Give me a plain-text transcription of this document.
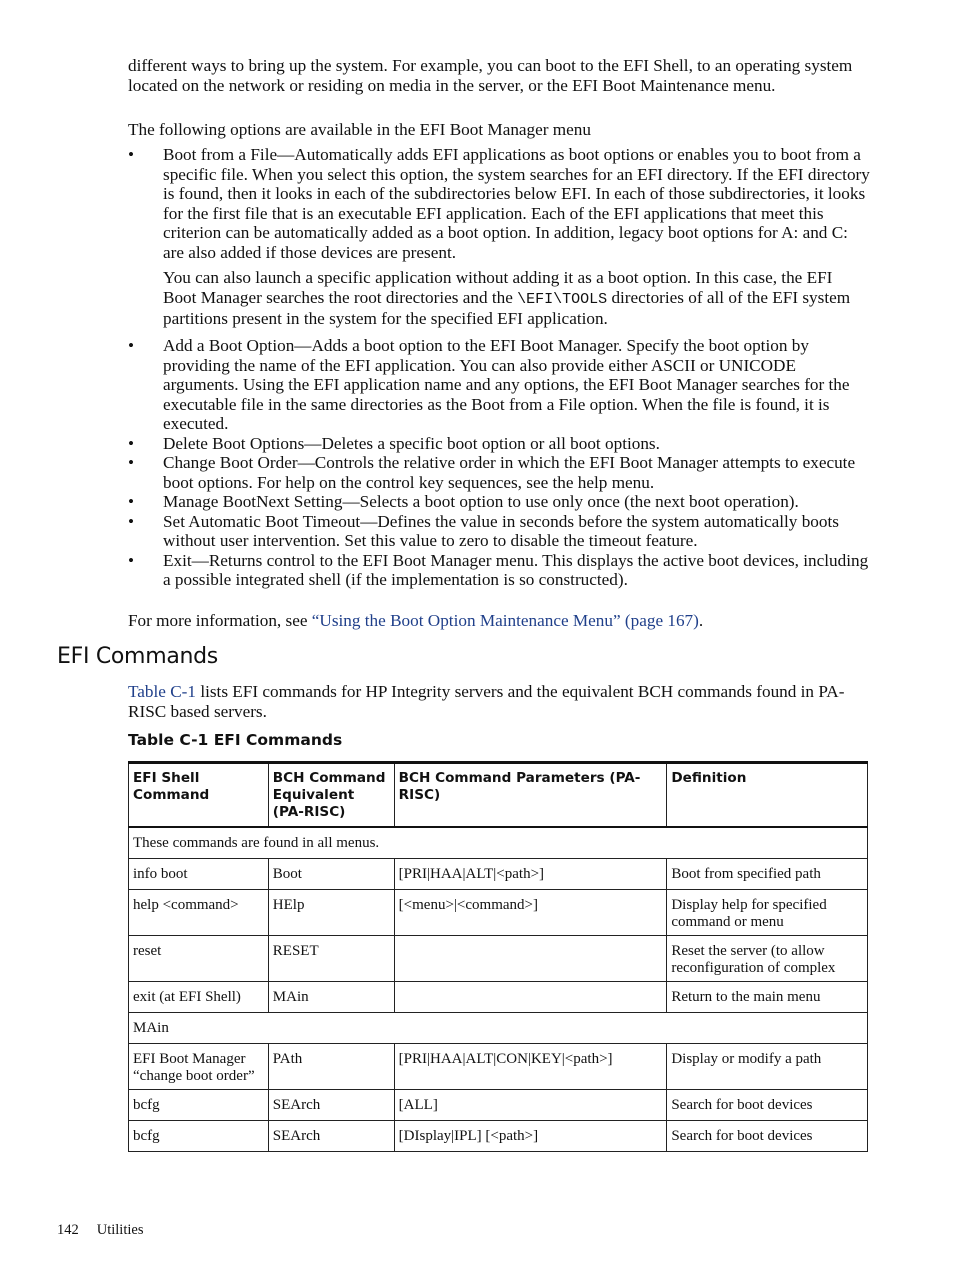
different ways to bring up the system. For example, you can boot to the EFI Shell, to an operating system located on the network or residing on media in the server, or the EFI Boot Maintenance menu.

The following options are available in the EFI Boot Manager menu

• Boot from a File—Automatically adds EFI applications as boot options or enables you to boot from a specific file. When you select this option, the system searches for an EFI directory. If the EFI directory is found, then it looks in each of the subdirectories below EFI. In each of those subdirectories, it looks for the first file that is an executable EFI application. Each of the EFI applications that meet this criterion can be automatically added as a boot option. In addition, legacy boot options for A: and C: are also added if those devices are present.

You can also launch a specific application without adding it as a boot option. In this case, the EFI Boot Manager searches the root directories and the \EFI\TOOLS directories of all of the EFI system partitions present in the system for the specified EFI application.

• Add a Boot Option—Adds a boot option to the EFI Boot Manager. Specify the boot option by providing the name of the EFI application. You can also provide either ASCII or UNICODE arguments. Using the EFI application name and any options, the EFI Boot Manager searches for the executable file in the same directories as the Boot from a File option. When the file is found, it is executed.
• Delete Boot Options—Deletes a specific boot option or all boot options.
• Change Boot Order—Controls the relative order in which the EFI Boot Manager attempts to execute boot options. For help on the control key sequences, see the help menu.
• Manage BootNext Setting—Selects a boot option to use only once (the next boot operation).
• Set Automatic Boot Timeout—Defines the value in seconds before the system automatically boots without user intervention. Set this value to zero to disable the timeout feature.
• Exit—Returns control to the EFI Boot Manager menu. This displays the active boot devices, including a possible integrated shell (if the implementation is so constructed).

For more information, see “Using the Boot Option Maintenance Menu” (page 167).

EFI Commands

Table C-1 lists EFI commands for HP Integrity servers and the equivalent BCH commands found in PA-RISC based servers.

Table C-1 EFI Commands
EFI Shell Command	BCH Command Equivalent (PA-RISC)	BCH Command Parameters (PA-RISC)	Definition
These commands are found in all menus.			
info boot	Boot	[PRI|HAA|ALT|<path>]	Boot from specified path
help <command>	HElp	[<menu>|<command>]	Display help for specified command or menu
reset	RESET		Reset the server (to allow reconfiguration of complex
exit (at EFI Shell)	MAin		Return to the main menu
MAin			
EFI Boot Manager “change boot order”	PAth	[PRI|HAA|ALT|CON|KEY|<path>]	Display or modify a path
bcfg	SEArch	[ALL]	Search for boot devices
bcfg	SEArch	[DIsplay|IPL] [<path>]	Search for boot devices
142 Utilities
